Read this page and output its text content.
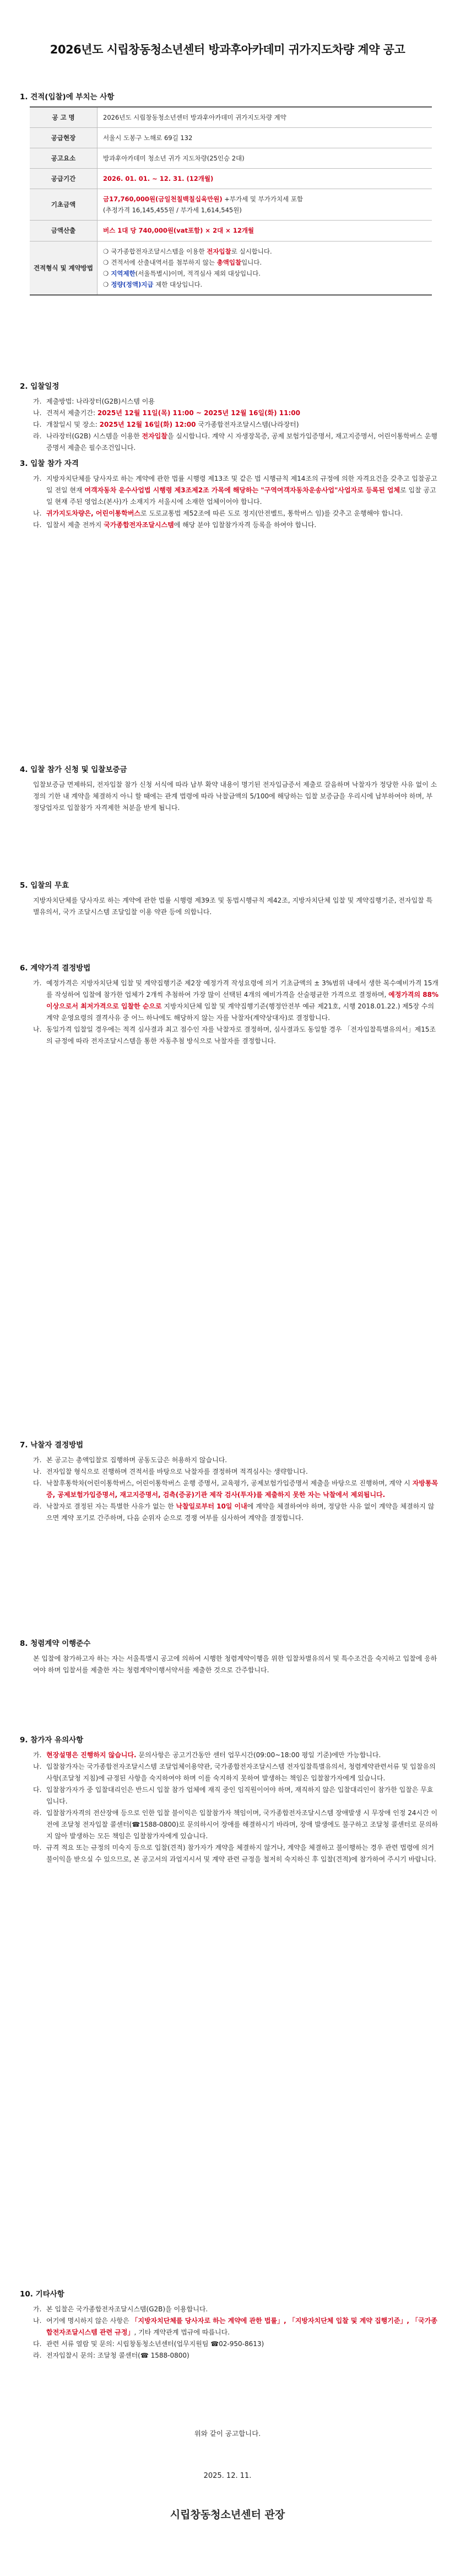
2026년도 시립창동청소년센터 방과후아카데미 귀가지도차량 계약 공고
1. 견적(입찰)에 부치는 사항
공 고 명	2026년도 시립창동청소년센터 방과후아카데미 귀가지도차량 계약
공급현장	서울시 도봉구 노해로 69길 132
공고요소	방과후아카데미 청소년 귀가 지도차량(25인승 2대)
공급기간	2026. 01. 01. ~ 12. 31. (12개월)
기초금액	금17,760,000원(금일천칠백칠십육만원) +부가세 및 부가가치세 포함
(추정가격 16,145,455원 / 부가세 1,614,545원)
금액산출	버스 1대 당 740,000원(vat포함) × 2대 × 12개월
견적형식 및 계약방법	❍ 국가종합전자조달시스템을 이용한 전자입찰로 실시합니다.

❍ 견적서에 산출내역서를 첨부하지 않는 총액입찰입니다.

❍ 지역제한(서울특별시)이며, 적격심사 제외 대상입니다.

❍ 정량(정액)지급 제한 대상입니다.

2. 입찰일정

가. 제출방법: 나라장터(G2B)시스템 이용

나. 견적서 제출기간: 2025년 12월 11일(목) 11:00 ~ 2025년 12월 16일(화) 11:00

다. 개찰일시 및 장소: 2025년 12월 16일(화) 12:00 국가종합전자조달시스템(나라장터)

라. 나라장터(G2B) 시스템을 이용한 전자입찰을 실시합니다. 계약 시 자생장목증, 공제 보험가입증명서, 재고지증명서, 어린이통학버스 운행 증명서 제출은 필수조건입니다.

3. 입찰 참가 자격

가. 지방자치단체를 당사자로 하는 계약에 관한 법률 시행령 제13조 및 같은 법 시행규칙 제14조의 규정에 의한 자격요건을 갖추고 입찰공고일 전일 현재 여객자동차 운수사업법 시행령 제3조제2조 가목에 해당하는 "구역여객자동차운송사업"사업자로 등록된 업체로 입찰 공고일 현재 주된 영업소(본사)가 소재지가 서울시에 소재한 업체이어야 합니다.

나. 귀가지도차량은, 어린이통학버스로 도로교통법 제52조에 따른 도로 정지(안전벨트, 통학버스 임)를 갖추고 운행해야 합니다.

다. 입찰서 제출 전까지 국가종합전자조달시스템에 해당 분야 입찰참가자격 등록을 하여야 합니다.

4. 입찰 참가 신청 및 입찰보증금

입찰보증금 면제하되, 전자입찰 참가 신청 서식에 따라 납부 확약 내용이 명기된 전자입금증서 제출로 갈음하며 낙찰자가 정당한 사유 없이 소정의 기한 내 계약을 체결하지 아니 할 때에는 관계 법령에 따라 낙찰금액의 5/100에 해당하는 입찰 보증금을 우리시에 납부하여야 하며, 부정당업자로 입찰참가 자격제한 처분을 받게 됩니다.

5. 입찰의 무효

지방자치단체를 당사자로 하는 계약에 관한 법률 시행령 제39조 및 동법시행규칙 제42조, 지방자치단체 입찰 및 계약집행기준, 전자입찰 특별유의서, 국가 조달시스템 조달입찰 이용 약관 등에 의합니다.

6. 계약가격 결정방법

가. 예정가격은 지방자치단체 입찰 및 계약집행기준 제2장 예정가격 작성요령에 의거 기초금액의 ± 3%범위 내에서 생한 복수예비가격 15개를 작성하여 입찰에 참가한 업체가 2개씩 추첨하여 가장 많이 선택된 4개의 예비가격을 산술평균한 가격으로 결정하며, 예정가격의 88% 이상으로서 최저가격으로 입찰한 순으로 지방자치단체 입찰 및 계약집행기준(행정안전부 예규 제21호, 시행 2018.01.22.) 제5장 수의계약 운영요령의 결격사유 중 어느 하나에도 해당하지 않는 자를 낙찰자(계약상대자)로 결정합니다.

나. 동일가격 입찰일 경우에는 적격 심사결과 최고 점수인 자를 낙찰자로 결정하며, 심사결과도 동일할 경우 「전자입찰특별유의서」제15조의 규정에 따라 전자조달시스템을 통한 자동추첨 방식으로 낙찰자를 결정합니다.

7. 낙찰자 결정방법

가. 본 공고는 총액입찰로 집행하며 공동도급은 허용하지 않습니다.

나. 전자입찰 형식으로 진행하며 견적서를 바탕으로 낙찰자를 결정하며 적격심사는 생략합니다.

다. 낙찰후통학차(어린이통학버스, 어린이통학버스 운행 증명서, 교육평가, 공제보험가입증명서 제출을 바탕으로 진행하며, 계약 시 자방통목증, 공제보험가입증명서, 재고지증명서, 검측(증공)기관 제작 검사(투자)를 제출하지 못한 자는 낙찰에서 제외됩니다.

라. 낙찰자로 결정된 자는 특별한 사유가 없는 한 낙찰일로부터 10일 이내에 계약을 체결하여야 하며, 정당한 사유 없이 계약을 체결하지 않으면 계약 포기로 간주하며, 다음 순위자 순으로 경쟁 여부를 심사하여 계약을 결정합니다.

8. 청렴계약 이행준수

본 입찰에 참가하고자 하는 자는 서울특별시 공고에 의하여 시행한 청렴계약이행을 위한 입찰차별유의서 및 특수조건을 숙지하고 입찰에 응하여야 하며 입찰서를 제출한 자는 청렴계약이행서약서를 제출한 것으로 간주합니다.

9. 참가자 유의사항

가. 현장설명은 진행하지 않습니다. 문의사항은 공고기간동안 센터 업무시간(09:00~18:00 평일 기준)에만 가능합니다.

나. 입찰참가자는 국가종합전자조달시스템 조달업체이용약관, 국가종합전자조달시스템 전자입찰특별유의서, 청렴계약관련서류 및 입찰유의사항(조달청 지침)에 규정된 사항을 숙지하여야 하며 이를 숙지하지 못하여 발생하는 책임은 입찰참가자에게 있습니다.

다. 입찰참가자가 중 입찰대리인은 반드시 입찰 참가 업체에 재직 중인 임직원이어야 하며, 재직하지 않은 입찰대리인이 참가한 입찰은 무효입니다.

라. 입찰참가자격의 전산장애 등으로 인한 입찰 불이익은 입찰참가자 책임이며, 국가종합전자조달시스템 장애발생 시 무장애 인정 24시간 이전에 조달청 전자입찰 콜센터(☎1588-0800)로 문의하시어 장애를 해결하시기 바라며, 장애 발생에도 불구하고 조달청 콜센터로 문의하지 않아 발생하는 모든 책임은 입찰참가자에게 있습니다.

마. 규격 적요 또는 규정의 미숙지 등으로 입찰(견적) 참가자가 계약을 체결하지 않거나, 계약을 체결하고 불이행하는 경우 관련 법령에 의거 불이익을 받으실 수 있으므로, 본 공고서의 과업지시서 및 계약 관련 규정을 철저히 숙지하신 후 입찰(견적)에 참가하여 주시기 바랍니다.

10. 기타사항

가. 본 입찰은 국가종합전자조달시스템(G2B)을 이용합니다.

나. 여기에 명시하지 않은 사항은 「지방자치단체를 당사자로 하는 계약에 관한 법률」, 「지방자치단체 입찰 및 계약 집행기준」, 「국가종합전자조달시스템 관련 규정」, 기타 계약관계 법규에 따릅니다.

다. 관련 서류 열람 및 문의: 시립창동청소년센터(업무지원팀 ☎02-950-8613)

라. 전자입찰시 문의: 조달청 콜센터(☎ 1588-0800)

위와 같이 공고합니다.
2025. 12. 11.
시립창동청소년센터 관장
